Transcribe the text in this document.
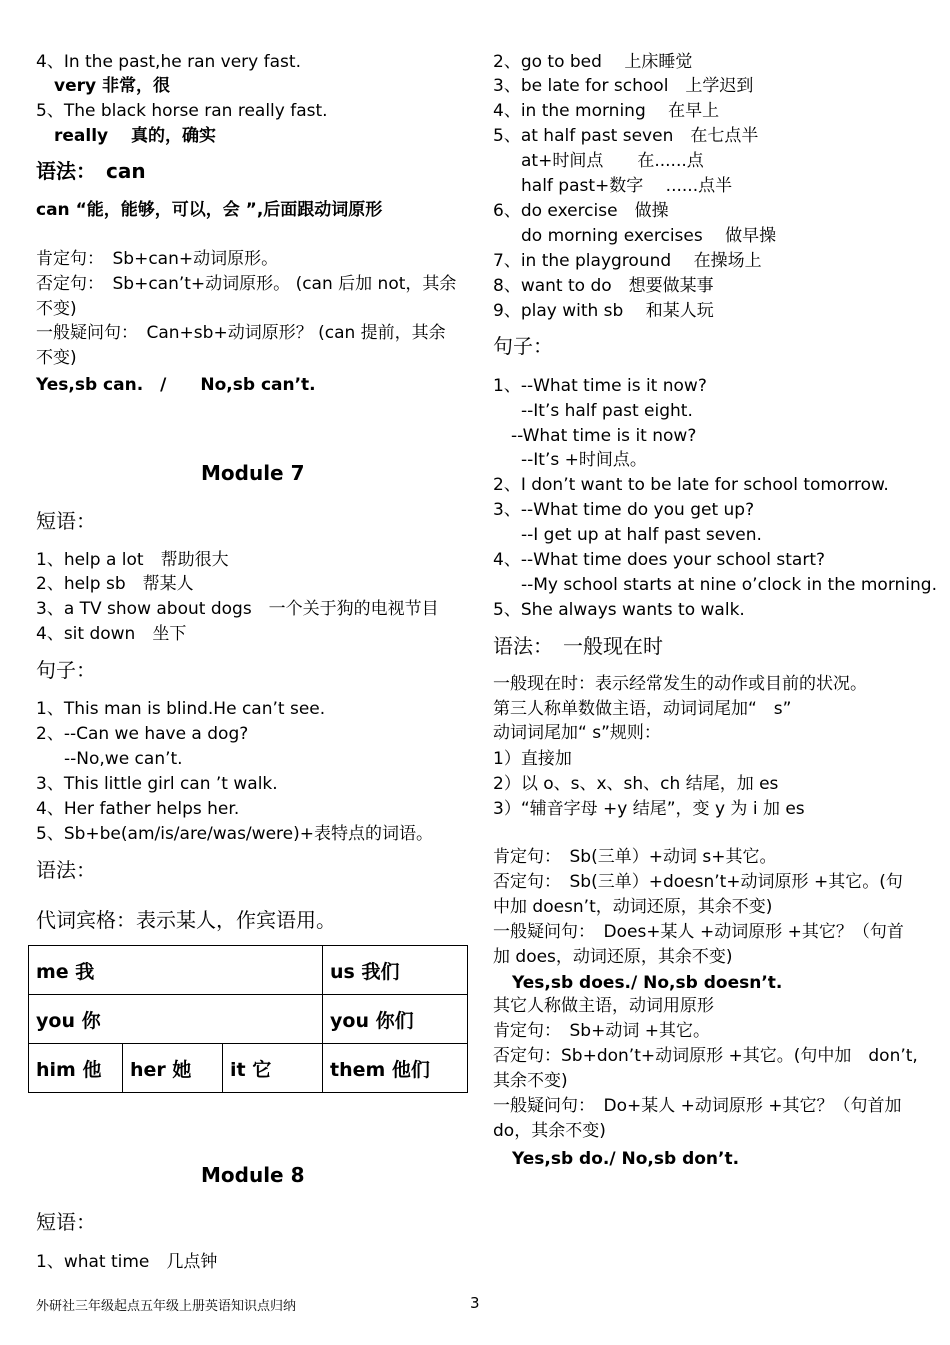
4、In the past,he ran very fast.
very 非常，很
5、The black horse ran really fast.
really　 真的，确实
语法：　can
can “能，能够，可以，会 ”,后面跟动词原形
肯定句：　Sb+can+动词原形。
否定句：　Sb+can’t+动词原形。 (can 后加 not，其余
不变)
一般疑问句：　Can+sb+动词原形？ (can 提前，其余
不变)
Yes,sb can.　/　　No,sb can’t.
Module 7
短语：
1、help a lot　帮助很大
2、help sb　帮某人
3、a TV show about dogs　一个关于狗的电视节目
4、sit down　坐下
句子：
1、This man is blind.He can’t see.
2、--Can we have a dog?
--No,we can’t.
3、This little girl can ’t walk.
4、Her father helps her.
5、Sb+be(am/is/are/was/were)+表特点的词语。
语法：
代词宾格：表示某人，作宾语用。
me 我			us 我们
you 你			you 你们
him 他	her 她	it 它	them 他们
Module 8
短语：
1、what time　几点钟
2、go to bed　 上床睡觉
3、be late for school　上学迟到
4、in the morning　 在早上
5、at half past seven　在七点半
at+时间点　　在......点
half past+数字　 ......点半
6、do exercise　做操
do morning exercises　 做早操
7、in the playground　 在操场上
8、want to do　想要做某事
9、play with sb　 和某人玩
句子：
1、--What time is it now?
--It’s half past eight.
--What time is it now?
--It’s +时间点。
2、I don’t want to be late for school tomorrow.
3、--What time do you get up?
--I get up at half past seven.
4、--What time does your school start?
--My school starts at nine o’clock in the morning.
5、She always wants to walk.
语法：　一般现在时
一般现在时：表示经常发生的动作或目前的状况。
第三人称单数做主语，动词词尾加“　s”
动词词尾加“ s”规则：
1）直接加
2）以 o、s、x、sh、ch 结尾，加 es
3）“辅音字母 +y 结尾”，变 y 为 i 加 es
肯定句：　Sb(三单）+动词 s+其它。
否定句：　Sb(三单）+doesn’t+动词原形 +其它。(句
中加 doesn’t，动词还原，其余不变)
一般疑问句：　Does+某人 +动词原形 +其它？（句首
加 does，动词还原，其余不变)
Yes,sb does./ No,sb doesn’t.
其它人称做主语，动词用原形
肯定句：　Sb+动词 +其它。
否定句：Sb+don’t+动词原形 +其它。(句中加　don’t,
其余不变)
一般疑问句：　Do+某人 +动词原形 +其它？（句首加
do，其余不变)
Yes,sb do./ No,sb don’t.
外研社三年级起点五年级上册英语知识点归纳	3
